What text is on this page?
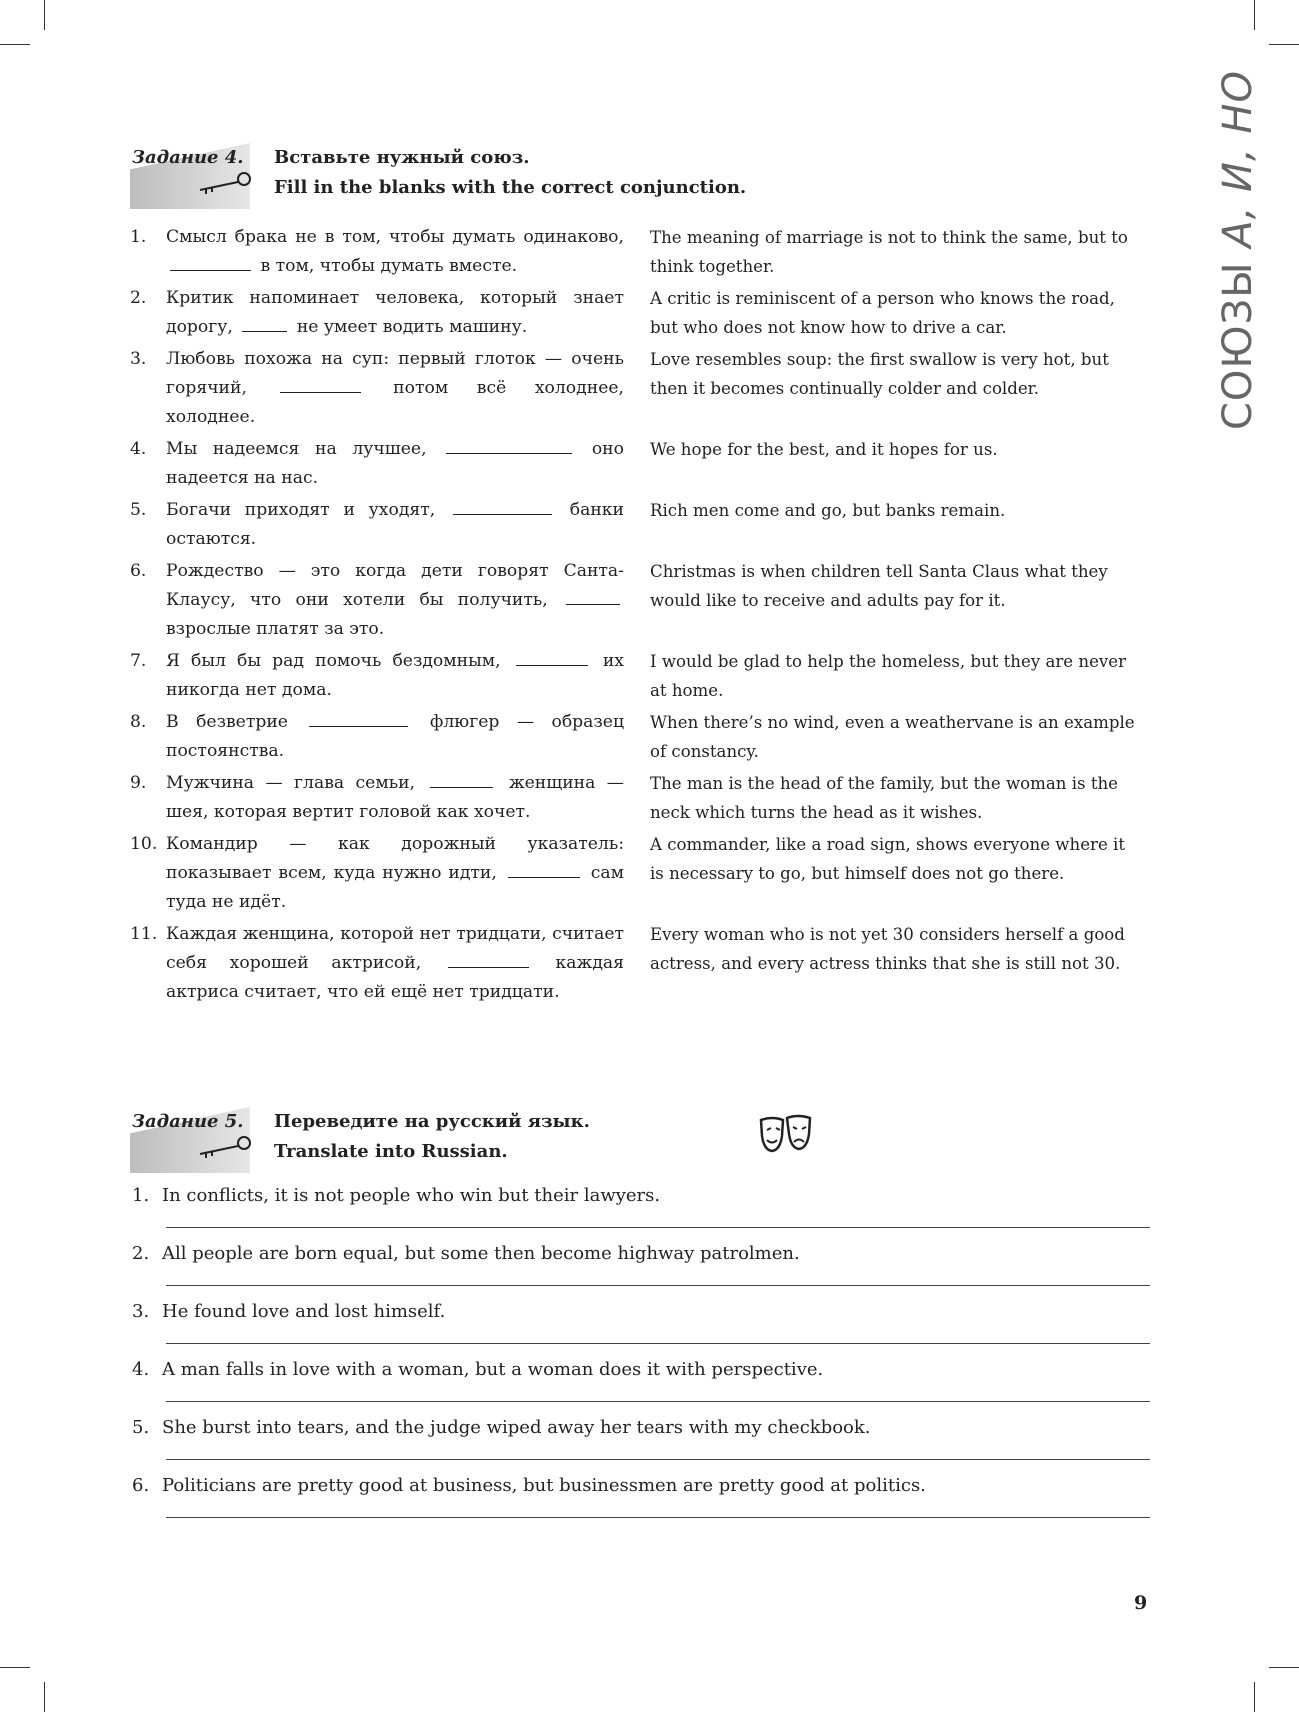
СОЮЗЫ А, И, НО
Задание 4. Вставьте нужный союз.
Fill in the blanks with the correct conjunction.
1.	Смысл брака не в том, чтобы думать одинаково,  в том, чтобы думать вместе.
The meaning of marriage is not to think the same, but to think together.
2.	Критик напоминает человека, который знает дорогу,	не умеет водить машину.
A critic is reminiscent of a person who knows the road, but who does not know how to drive a car.
3.	Любовь похожа на суп: первый глоток — очень горячий,	потом всё холоднее, холоднее.
Love resembles soup: the first swallow is very hot, but then it becomes continually colder and colder.
4.	Мы надеемся на лучшее,	оно надеется на нас.
We hope for the best, and it hopes for us.
5.	Богачи приходят и уходят,	банки остаются.
Rich men come and go, but banks remain.
6.	Рождество — это когда дети говорят Санта-Клаусу, что они хотели бы получить,  взрослые платят за это.
Christmas is when children tell Santa Claus what they would like to receive and adults pay for it.
7.	Я был бы рад помочь бездомным,	их никогда нет дома.
I would be glad to help the homeless, but they are never at home.
8.	В безветрие	флюгер — образец постоянства.
When there’s no wind, even a weathervane is an example of constancy.
9.	Мужчина — глава семьи,	женщина — шея, которая вертит головой как хочет.
The man is the head of the family, but the woman is the neck which turns the head as it wishes.
10. Командир — как дорожный указатель: показывает всем, куда нужно идти,	сам туда не идёт.
A commander, like a road sign, shows everyone where it is necessary to go, but himself does not go there.
11. Каждая женщина, которой нет тридцати, считает себя хорошей актрисой,	каждая актриса считает, что ей ещё нет тридцати.
Every woman who is not yet 30 considers herself a good actress, and every actress thinks that she is still not 30.
Задание 5. Переведите на русский язык.
Translate into Russian.
1. In conflicts, it is not people who win but their lawyers.
2. All people are born equal, but some then become highway patrolmen.
3. He found love and lost himself.
4. A man falls in love with a woman, but a woman does it with perspective.
5. She burst into tears, and the judge wiped away her tears with my checkbook.
6. Politicians are pretty good at business, but businessmen are pretty good at politics.
9
